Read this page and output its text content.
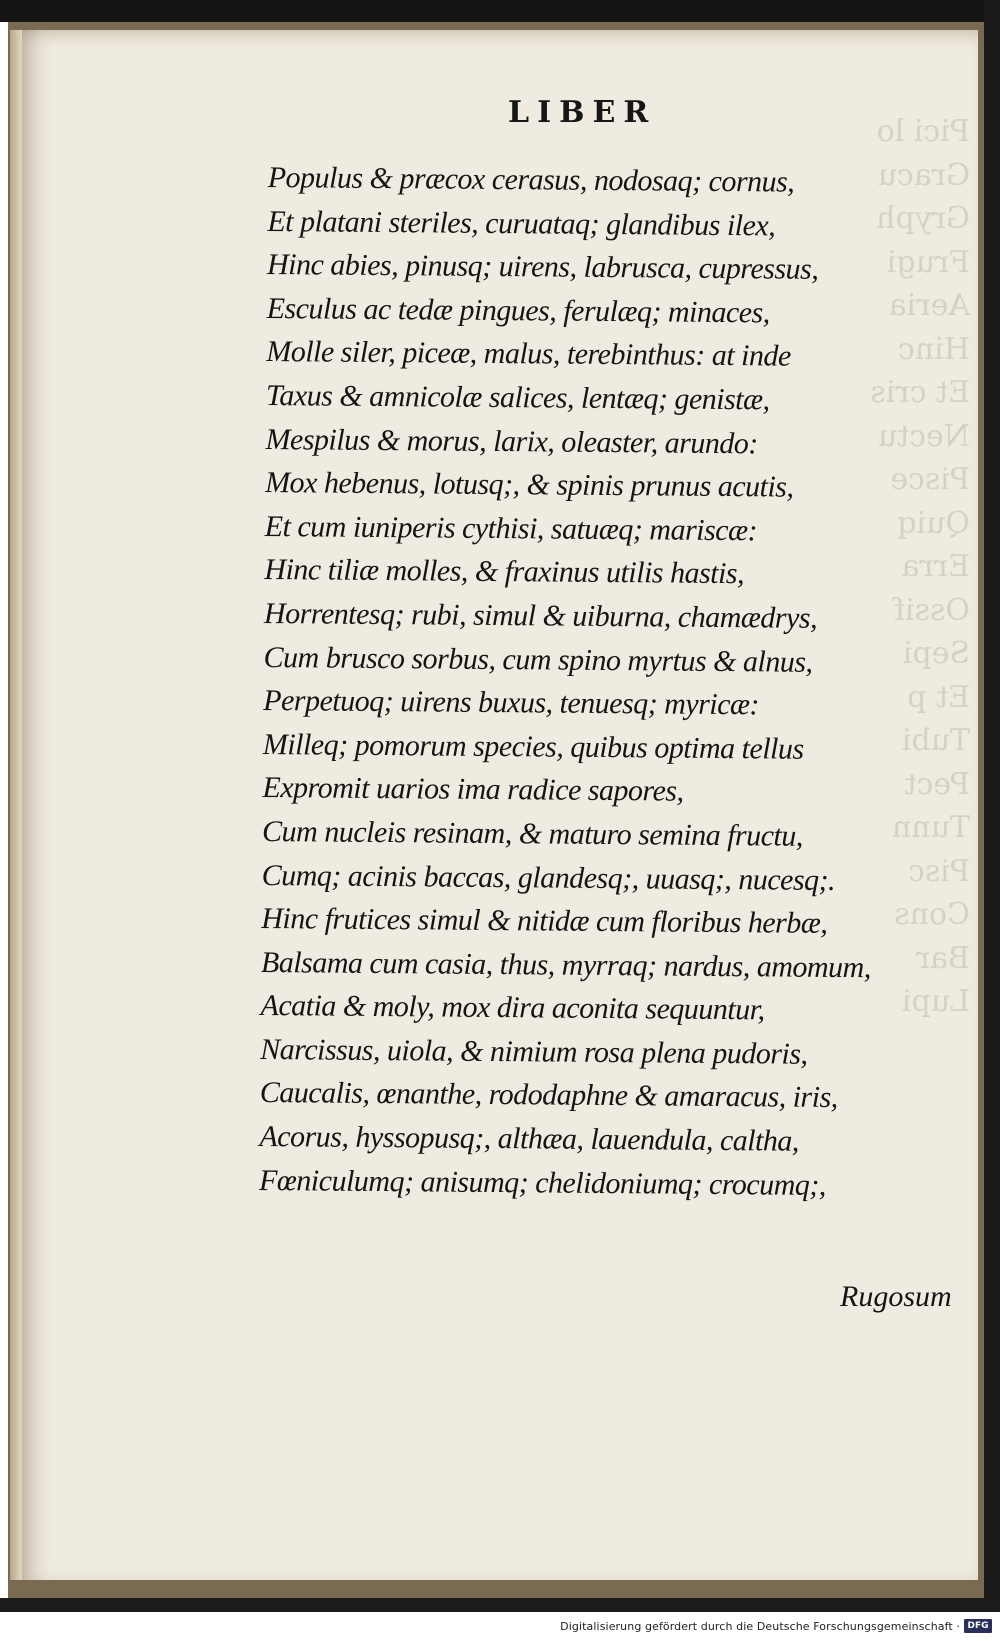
Pici lo
Gracu
Gryph
Frugi
Aeria
Hinc
Et cris
Nectu
Pisce
Quiq
Erra
Ossif
Sepi
Et p
Tubi
Pect
Tunn
Pisc
Cons
Bar
Lupi
LIBER
Populus & præcox cerasus, nodosaq; cornus,
Et platani steriles, curuataq; glandibus ilex,
Hinc abies, pinusq; uirens, labrusca, cupressus,
Esculus ac tedæ pingues, ferulæq; minaces,
Molle siler, piceæ, malus, terebinthus: at inde
Taxus & amnicolæ salices, lentæq; genistæ,
Mespilus & morus, larix, oleaster, arundo:
Mox hebenus, lotusq;, & spinis prunus acutis,
Et cum iuniperis cythisi, satuæq; mariscæ:
Hinc tiliæ molles, & fraxinus utilis hastis,
Horrentesq; rubi, simul & uiburna, chamædrys,
Cum brusco sorbus, cum spino myrtus & alnus,
Perpetuoq; uirens buxus, tenuesq; myricæ:
Milleq; pomorum species, quibus optima tellus
Expromit uarios ima radice sapores,
Cum nucleis resinam, & maturo semina fructu,
Cumq; acinis baccas, glandesq;, uuasq;, nucesq;.
Hinc frutices simul & nitidæ cum floribus herbæ,
Balsama cum casia, thus, myrraq; nardus, amomum,
Acatia & moly, mox dira aconita sequuntur,
Narcissus, uiola, & nimium rosa plena pudoris,
Caucalis, œnanthe, rododaphne & amaracus, iris,
Acorus, hyssopusq;, althæa, lauendula, caltha,
Fœniculumq; anisumq; chelidoniumq; crocumq;,
Rugosum
Digitalisierung gefördert durch die Deutsche Forschungsgemeinschaft · DFG
